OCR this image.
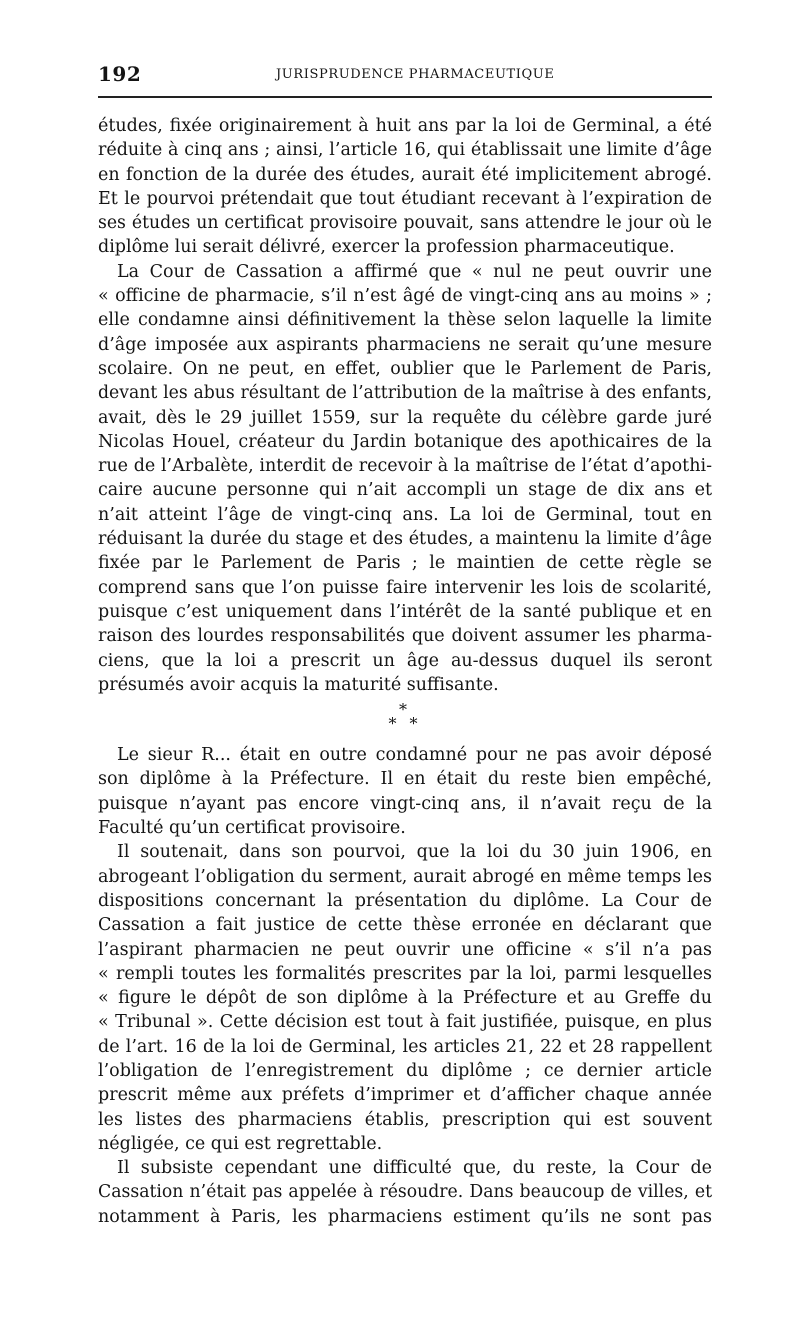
192	JURISPRUDENCE PHARMACEUTIQUE
études, fixée originairement à huit ans par la loi de Germinal, a été
réduite à cinq ans ; ainsi, l’article 16, qui établissait une limite d’âge
en fonction de la durée des études, aurait été implicitement abrogé.
Et le pourvoi prétendait que tout étudiant recevant à l’expiration de
ses études un certificat provisoire pouvait, sans attendre le jour où le
diplôme lui serait délivré, exercer la profession pharmaceutique.
La Cour de Cassation a affirmé que « nul ne peut ouvrir une
« officine de pharmacie, s’il n’est âgé de vingt-cinq ans au moins » ;
elle condamne ainsi définitivement la thèse selon laquelle la limite
d’âge imposée aux aspirants pharmaciens ne serait qu’une mesure
scolaire. On ne peut, en effet, oublier que le Parlement de Paris,
devant les abus résultant de l’attribution de la maîtrise à des enfants,
avait, dès le 29 juillet 1559, sur la requête du célèbre garde juré
Nicolas Houel, créateur du Jardin botanique des apothicaires de la
rue de l’Arbalète, interdit de recevoir à la maîtrise de l’état d’apothi-
caire aucune personne qui n’ait accompli un stage de dix ans et
n’ait atteint l’âge de vingt-cinq ans. La loi de Germinal, tout en
réduisant la durée du stage et des études, a maintenu la limite d’âge
fixée par le Parlement de Paris ; le maintien de cette règle se
comprend sans que l’on puisse faire intervenir les lois de scolarité,
puisque c’est uniquement dans l’intérêt de la santé publique et en
raison des lourdes responsabilités que doivent assumer les pharma-
ciens, que la loi a prescrit un âge au-dessus duquel ils seront
présumés avoir acquis la maturité suffisante.
*
* *
Le sieur R... était en outre condamné pour ne pas avoir déposé
son diplôme à la Préfecture. Il en était du reste bien empêché,
puisque n’ayant pas encore vingt-cinq ans, il n’avait reçu de la
Faculté qu’un certificat provisoire.
Il soutenait, dans son pourvoi, que la loi du 30 juin 1906, en
abrogeant l’obligation du serment, aurait abrogé en même temps les
dispositions concernant la présentation du diplôme. La Cour de
Cassation a fait justice de cette thèse erronée en déclarant que
l’aspirant pharmacien ne peut ouvrir une officine « s’il n’a pas
« rempli toutes les formalités prescrites par la loi, parmi lesquelles
« figure le dépôt de son diplôme à la Préfecture et au Greffe du
« Tribunal ». Cette décision est tout à fait justifiée, puisque, en plus
de l’art. 16 de la loi de Germinal, les articles 21, 22 et 28 rappellent
l’obligation de l’enregistrement du diplôme ; ce dernier article
prescrit même aux préfets d’imprimer et d’afficher chaque année
les listes des pharmaciens établis, prescription qui est souvent
négligée, ce qui est regrettable.
Il subsiste cependant une difficulté que, du reste, la Cour de
Cassation n’était pas appelée à résoudre. Dans beaucoup de villes, et
notamment à Paris, les pharmaciens estiment qu’ils ne sont pas
